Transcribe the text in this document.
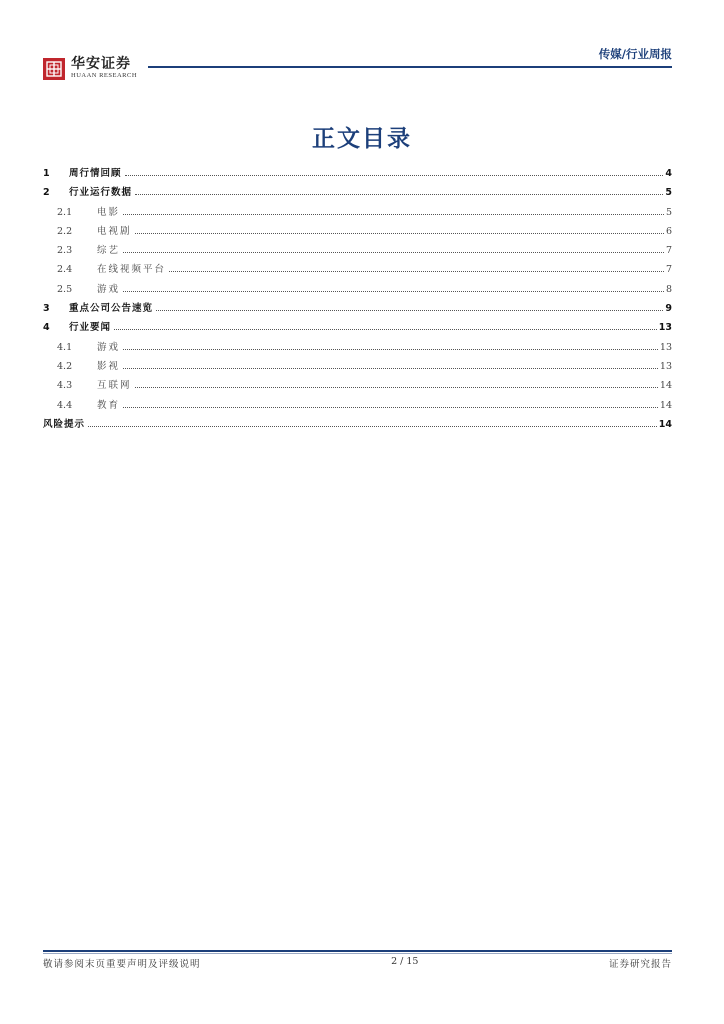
华安证券
HUAAN RESEARCH
传媒/行业周报
正文目录
1	周行情回顾	4
2	行业运行数据	5
2.1	电影	5
2.2	电视剧	6
2.3	综艺	7
2.4	在线视频平台	7
2.5	游戏	8
3	重点公司公告速览	9
4	行业要闻	13
4.1	游戏	13
4.2	影视	13
4.3	互联网	14
4.4	教育	14
风险提示	14
敬请参阅末页重要声明及评级说明	2 / 15	证券研究报告
